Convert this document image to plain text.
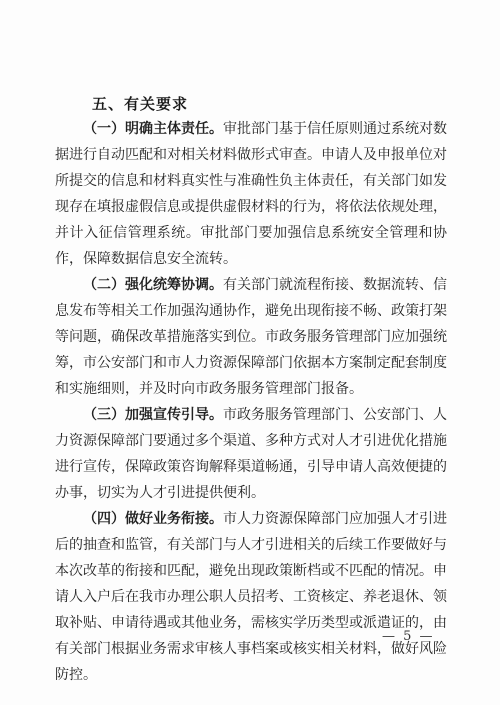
五、有关要求

（一）明确主体责任。审批部门基于信任原则通过系统对数据进行自动匹配和对相关材料做形式审查。申请人及申报单位对所提交的信息和材料真实性与准确性负主体责任，有关部门如发现存在填报虚假信息或提供虚假材料的行为，将依法依规处理，并计入征信管理系统。审批部门要加强信息系统安全管理和协作，保障数据信息安全流转。

（二）强化统筹协调。有关部门就流程衔接、数据流转、信息发布等相关工作加强沟通协作，避免出现衔接不畅、政策打架等问题，确保改革措施落实到位。市政务服务管理部门应加强统筹，市公安部门和市人力资源保障部门依据本方案制定配套制度和实施细则，并及时向市政务服务管理部门报备。

（三）加强宣传引导。市政务服务管理部门、公安部门、人力资源保障部门要通过多个渠道、多种方式对人才引进优化措施进行宣传，保障政策咨询解释渠道畅通，引导申请人高效便捷的办事，切实为人才引进提供便利。

（四）做好业务衔接。市人力资源保障部门应加强人才引进后的抽查和监管，有关部门与人才引进相关的后续工作要做好与本次改革的衔接和匹配，避免出现政策断档或不匹配的情况。申请人入户后在我市办理公职人员招考、工资核定、养老退休、领取补贴、申请待遇或其他业务，需核实学历类型或派遣证的，由有关部门根据业务需求审核人事档案或核实相关材料，做好风险防控。

— 5 —
